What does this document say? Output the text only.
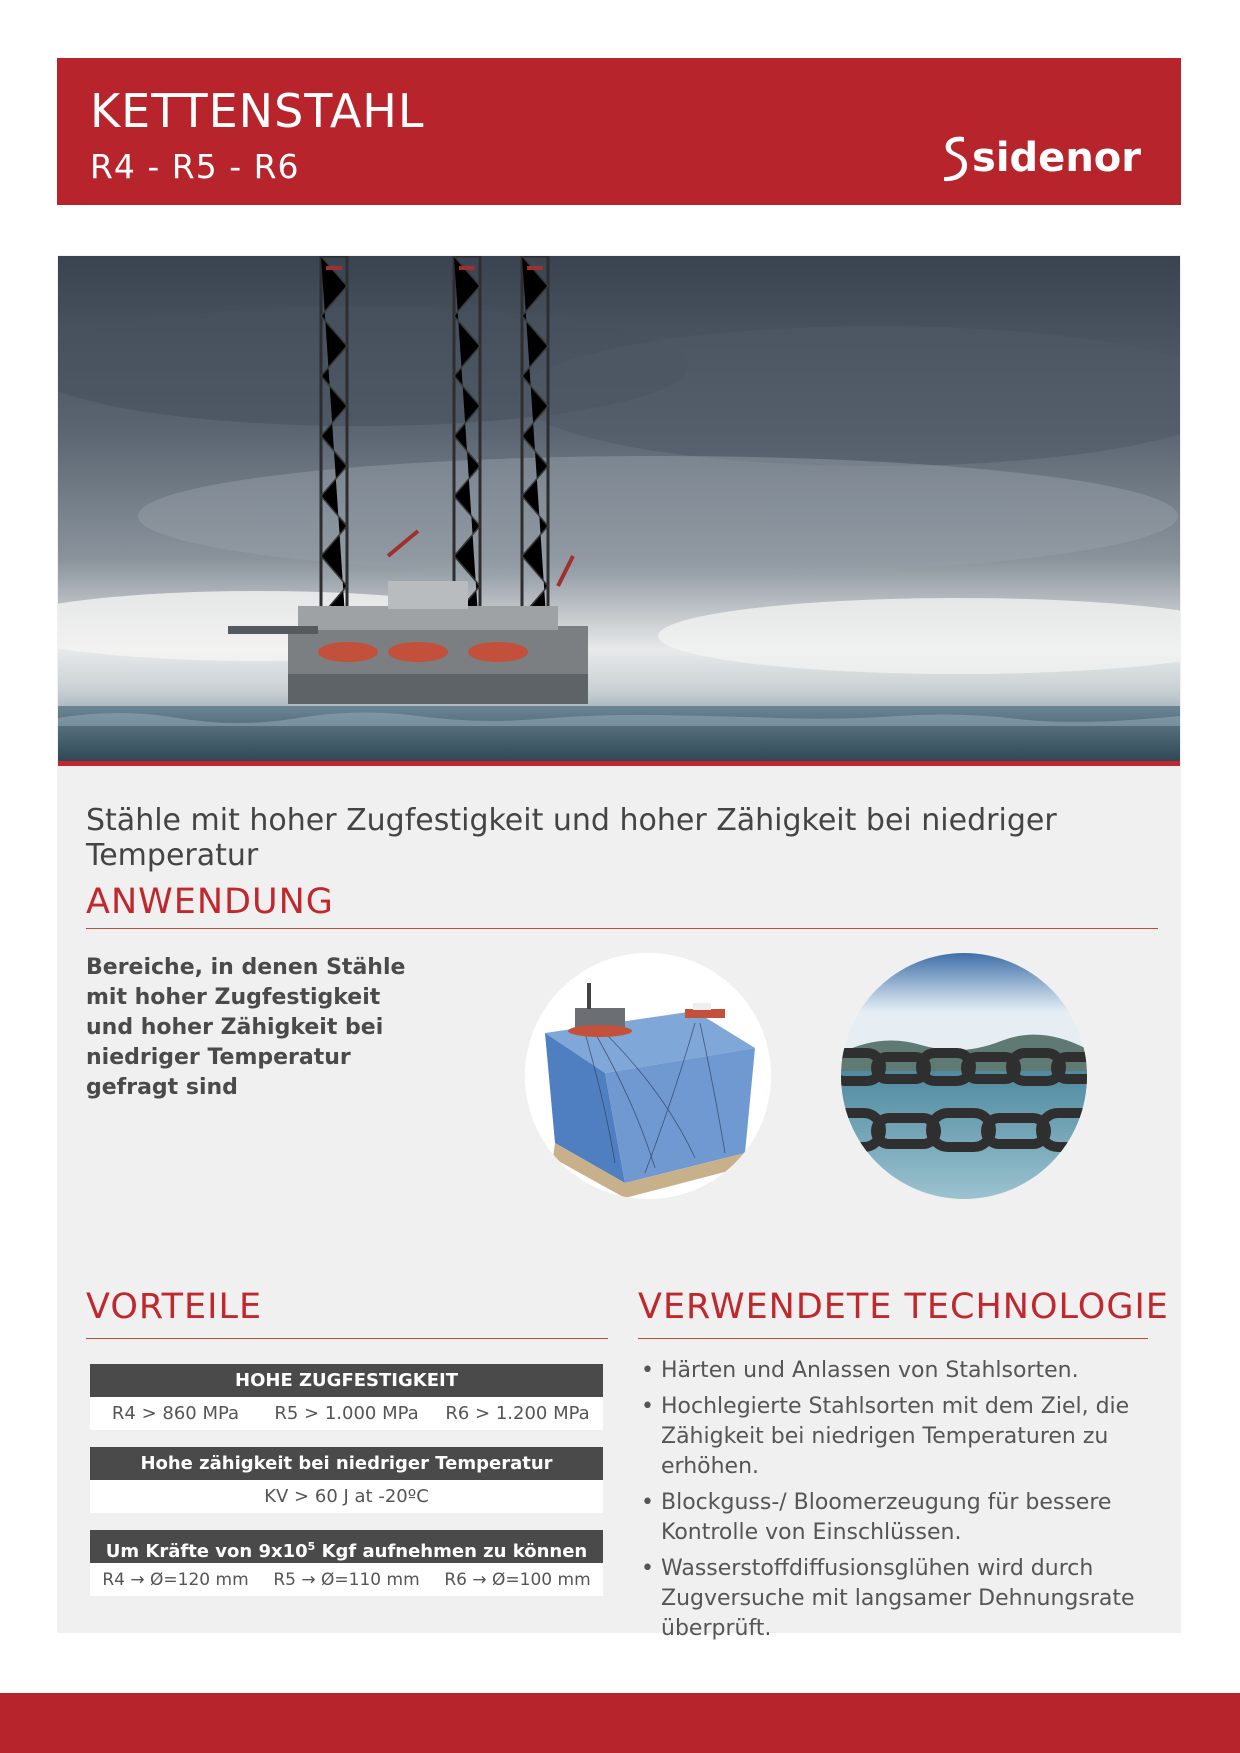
KETTENSTAHL
R4 - R5 - R6	sidenor
Stähle mit hoher Zugfestigkeit und hoher Zähigkeit bei niedriger Temperatur
ANWENDUNG
Bereiche, in denen Stähle
mit hoher Zugfestigkeit
und hoher Zähigkeit bei
niedriger Temperatur
gefragt sind
VORTEILE
HOHE ZUGFESTIGKEIT
R4 > 860 MPa	R5 > 1.000 MPa	R6 > 1.200 MPa
Hohe zähigkeit bei niedriger Temperatur
KV > 60 J at -20ºC
Um Kräfte von $9x10^5$ Kgf aufnehmen zu können
R4 → Ø=120 mm	R5 → Ø=110 mm	R6 → Ø=100 mm
VERWENDETE TECHNOLOGIE
• Härten und Anlassen von Stahlsorten.
• Hochlegierte Stahlsorten mit dem Ziel, die Zähigkeit bei niedrigen Temperaturen zu erhöhen.
• Blockguss-/ Bloomerzeugung für bessere Kontrolle von Einschlüssen.
• Wasserstoffdiffusionsglühen wird durch Zugversuche mit langsamer Dehnungsrate überprüft.
